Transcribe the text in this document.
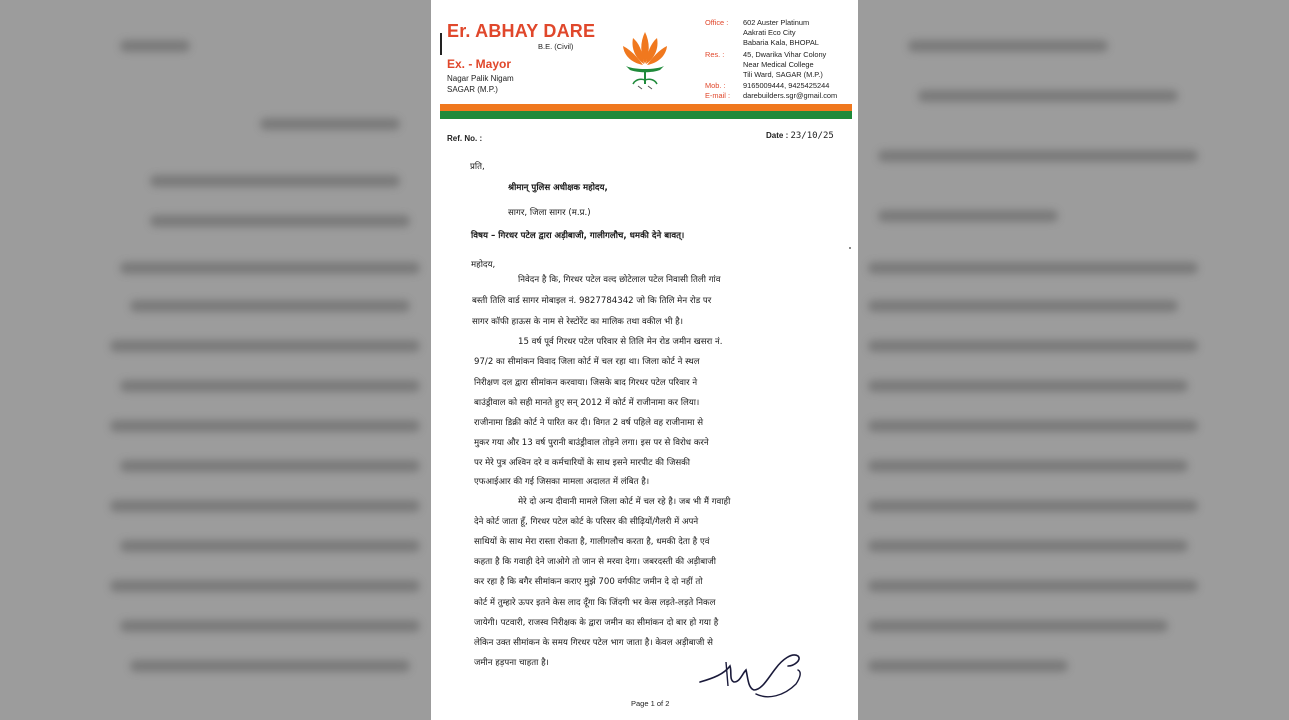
Er. ABHAY DARE
B.E. (Civil)
Ex. - Mayor
Nagar Palik Nigam
SAGAR (M.P.)
Office : 602 Auster Platinum
Aakrati Eco City
Babaria Kala, BHOPAL
Res. :	45, Dwarika Vihar Colony
Near Medical College
Tili Ward, SAGAR (M.P.)
Mob. : 9165009444, 9425425244
E-mail : darebuilders.sgr@gmail.com
Ref. No. :	Date : 23/10/25
प्रति,
श्रीमान् पुलिस अधीक्षक महोदय,
सागर, जिला सागर (म.प्र.)
विषय – गिरधर पटेल द्वारा अड़ीबाजी, गालीगलौच, धमकी देने बावत्।
महोदय,
निवेदन है कि, गिरधर पटेल वल्द छोटेलाल पटेल निवासी तिली गांव
बस्ती तिलि वार्ड सागर मोबाइल नं. 9827784342 जो कि तिलि मेन रोड पर
सागर कॉफी हाऊस के नाम से रेस्टोरेंट का मालिक तथा वकील भी है।
15 वर्ष पूर्व गिरधर पटेल परिवार से तिलि मेन रोड जमीन खसरा नं.
97/2 का सीमांकन विवाद जिला कोर्ट में चल रहा था। जिला कोर्ट ने स्थल
निरीक्षण दल द्वारा सीमांकन करवाया। जिसके बाद गिरधर पटेल परिवार ने
बाउंड्रीवाल को सही मानते हुए सन् 2012 में कोर्ट में राजीनामा कर लिया।
राजीनामा डिक्री कोर्ट ने पारित कर दी। विगत 2 वर्ष पहिले वह राजीनामा से
मुकर गया और 13 वर्ष पुरानी बाउंड्रीवाल तोड़ने लगा। इस पर से विरोध करने
पर मेरे पुत्र अश्विन दरे व कर्मचारियों के साथ इसने मारपीट की जिसकी
एफआईआर की गई जिसका मामला अदालत में लंबित है।
मेरे दो अन्य दीवानी मामले जिला कोर्ट में चल रहे है। जब भी मैं गवाही
देने कोर्ट जाता हूँ, गिरधर पटेल कोर्ट के परिसर की सीढ़ियों/गैलरी में अपने
साथियों के साथ मेरा रास्ता रोकता है, गालीगलौच करता है, धमकी देता है एवं
कहता है कि गवाही देने जाओगे तो जान से मरवा देगा। जबरदस्ती की अड़ीबाजी
कर रहा है कि बगैर सीमांकन कराए मुझे 700 वर्गफीट जमीन दे दो नहीं तो
कोर्ट में तुम्हारे ऊपर इतने केस लाद दूँगा कि जिंदगी भर केस लड़ते-लड़ते निकल
जायेगी। पटवारी, राजस्व निरीक्षक के द्वारा जमीन का सीमांकन दो बार हो गया है
लेकिन उक्त सीमांकन के समय गिरधर पटेल भाग जाता है। केवल अड़ीबाजी से
जमीन हड़पना चाहता है।
Page 1 of 2
